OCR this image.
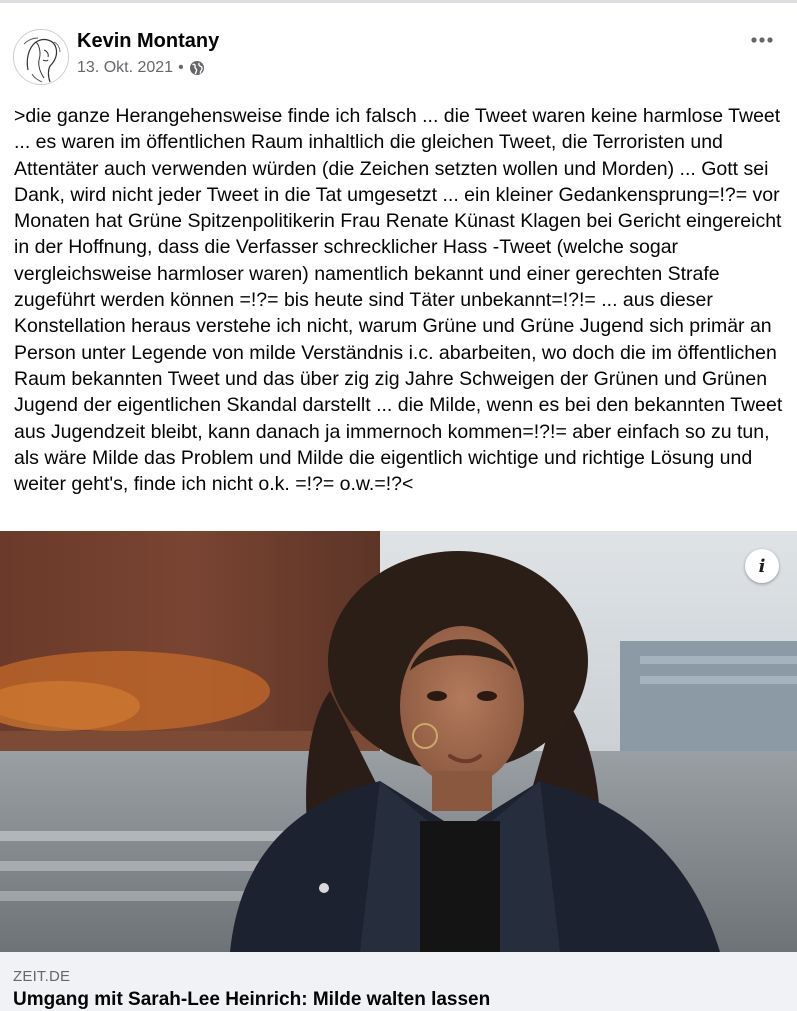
Kevin Montany
13. Okt. 2021 •
>die ganze Herangehensweise finde ich falsch ... die Tweet waren keine harmlose Tweet ... es waren im öffentlichen Raum inhaltlich die gleichen Tweet, die Terroristen und Attentäter auch verwenden würden (die Zeichen setzten wollen und Morden) ... Gott sei Dank, wird nicht jeder Tweet in die Tat umgesetzt ... ein kleiner Gedankensprung=!?= vor Monaten hat Grüne Spitzenpolitikerin Frau Renate Künast Klagen bei Gericht eingereicht in der Hoffnung, dass die Verfasser schrecklicher Hass -Tweet (welche sogar vergleichsweise harmloser waren) namentlich bekannt und einer gerechten Strafe zugeführt werden können =!?= bis heute sind Täter unbekannt=!?!= ... aus dieser Konstellation heraus verstehe ich nicht, warum Grüne und Grüne Jugend sich primär an Person unter Legende von milde Verständnis i.c. abarbeiten, wo doch die im öffentlichen Raum bekannten Tweet und das über zig zig Jahre Schweigen der Grünen und Grünen Jugend der eigentlichen Skandal darstellt ... die Milde, wenn es bei den bekannten Tweet aus Jugendzeit bleibt, kann danach ja immernoch kommen=!?!= aber einfach so zu tun, als wäre Milde das Problem und Milde die eigentlich wichtige und richtige Lösung und weiter geht's, finde ich nicht o.k. =!?= o.w.=!?<
i
ZEIT.DE
Umgang mit Sarah-Lee Heinrich: Milde walten lassen
